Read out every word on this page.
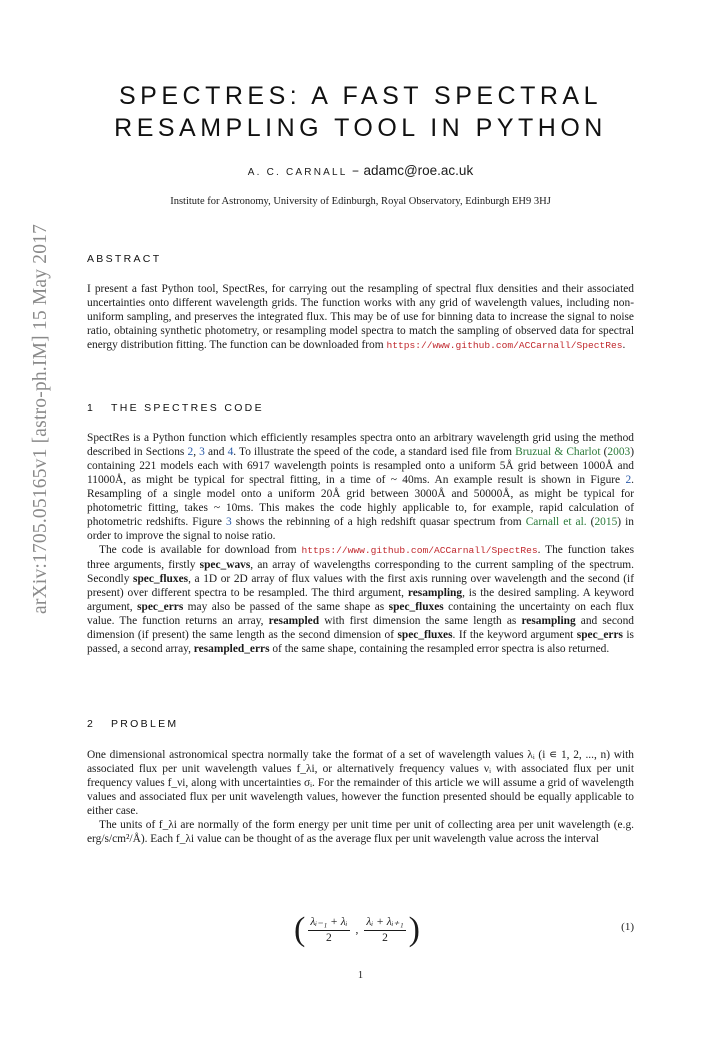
arXiv:1705.05165v1 [astro-ph.IM] 15 May 2017
SPECTRES: A FAST SPECTRAL
RESAMPLING TOOL IN PYTHON
A. C. CARNALL – adamc@roe.ac.uk
Institute for Astronomy, University of Edinburgh, Royal Observatory, Edinburgh EH9 3HJ
ABSTRACT

I present a fast Python tool, SpectRes, for carrying out the resampling of spectral flux densities and their associated uncertainties onto different wavelength grids. The function works with any grid of wavelength values, including non-uniform sampling, and preserves the integrated flux. This may be of use for binning data to increase the signal to noise ratio, obtaining synthetic photometry, or resampling model spectra to match the sampling of observed data for spectral energy distribution fitting. The function can be downloaded from https://www.github.com/ACCarnall/SpectRes.

1 THE SPECTRES CODE

SpectRes is a Python function which efficiently resamples spectra onto an arbitrary wavelength grid using the method described in Sections 2, 3 and 4. To illustrate the speed of the code, a standard ised file from Bruzual & Charlot (2003) containing 221 models each with 6917 wavelength points is resampled onto a uniform 5Å grid between 1000Å and 11000Å, as might be typical for spectral fitting, in a time of ~ 40ms. An example result is shown in Figure 2. Resampling of a single model onto a uniform 20Å grid between 3000Å and 50000Å, as might be typical for photometric fitting, takes ~ 10ms. This makes the code highly applicable to, for example, rapid calculation of photometric redshifts. Figure 3 shows the rebinning of a high redshift quasar spectrum from Carnall et al. (2015) in order to improve the signal to noise ratio.

The code is available for download from https://www.github.com/ACCarnall/SpectRes. The function takes three arguments, firstly spec_wavs, an array of wavelengths corresponding to the current sampling of the spectrum. Secondly spec_fluxes, a 1D or 2D array of flux values with the first axis running over wavelength and the second (if present) over different spectra to be resampled. The third argument, resampling, is the desired sampling. A keyword argument, spec_errs may also be passed of the same shape as spec_fluxes containing the uncertainty on each flux value. The function returns an array, resampled with first dimension the same length as resampling and second dimension (if present) the same length as the second dimension of spec_fluxes. If the keyword argument spec_errs is passed, a second array, resampled_errs of the same shape, containing the resampled error spectra is also returned.

2 PROBLEM

One dimensional astronomical spectra normally take the format of a set of wavelength values λᵢ (i ∊ 1, 2, ..., n) with associated flux per unit wavelength values f_λi, or alternatively frequency values νᵢ with associated flux per unit frequency values f_νi, along with uncertainties σᵢ. For the remainder of this article we will assume a grid of wavelength values and associated flux per unit wavelength values, however the function presented should be equally applicable to either case.

The units of f_λi are normally of the form energy per unit time per unit of collecting area per unit wavelength (e.g. erg/s/cm²/Å). Each f_λi value can be thought of as the average flux per unit wavelength value across the interval

( $\frac{\text{λᵢ₋₁ + λᵢ}}{2}$ , $\frac{\text{λᵢ + λᵢ₊₁}}{2}$ )	(1)
1
